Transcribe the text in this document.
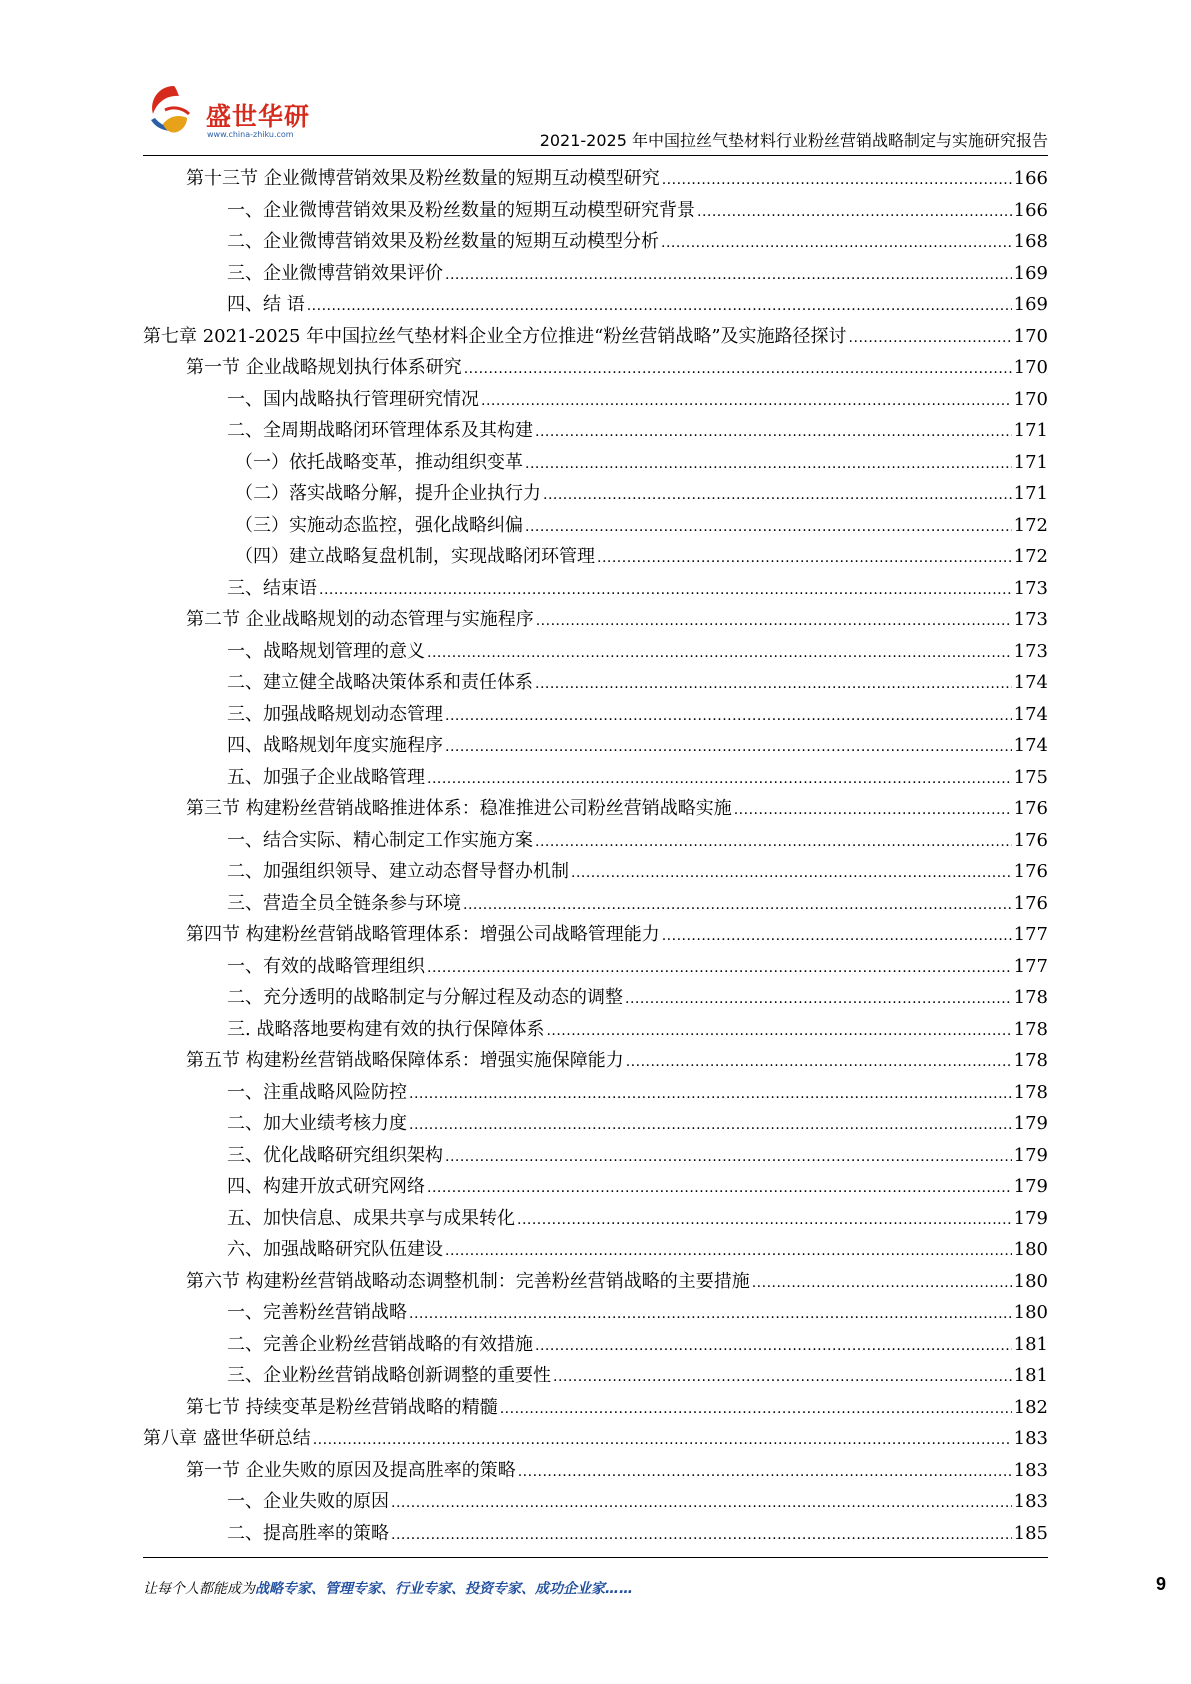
盛世华研
www.china-zhiku.com	2021-2025 年中国拉丝气垫材料行业粉丝营销战略制定与实施研究报告
第十三节 企业微博营销效果及粉丝数量的短期互动模型研究 .....	166
一、企业微博营销效果及粉丝数量的短期互动模型研究背景 .....	166
二、企业微博营销效果及粉丝数量的短期互动模型分析 .....	168
三、企业微博营销效果评价 .....	169
四、结 语 .....	169
第七章 2021-2025 年中国拉丝气垫材料企业全方位推进“粉丝营销战略”及实施路径探讨 .....	170
第一节 企业战略规划执行体系研究 .....	170
一、国内战略执行管理研究情况 .....	170
二、全周期战略闭环管理体系及其构建 .....	171
（一）依托战略变革，推动组织变革 .....	171
（二）落实战略分解，提升企业执行力 .....	171
（三）实施动态监控，强化战略纠偏 .....	172
（四）建立战略复盘机制，实现战略闭环管理 .....	172
三、结束语 .....	173
第二节 企业战略规划的动态管理与实施程序 .....	173
一、战略规划管理的意义 .....	173
二、建立健全战略决策体系和责任体系 .....	174
三、加强战略规划动态管理 .....	174
四、战略规划年度实施程序 .....	174
五、加强子企业战略管理 .....	175
第三节 构建粉丝营销战略推进体系：稳准推进公司粉丝营销战略实施 .....	176
一、结合实际、精心制定工作实施方案 .....	176
二、加强组织领导、建立动态督导督办机制 .....	176
三、营造全员全链条参与环境 .....	176
第四节 构建粉丝营销战略管理体系：增强公司战略管理能力 .....	177
一、有效的战略管理组织 .....	177
二、充分透明的战略制定与分解过程及动态的调整 .....	178
三. 战略落地要构建有效的执行保障体系 .....	178
第五节 构建粉丝营销战略保障体系：增强实施保障能力 .....	178
一、注重战略风险防控 .....	178
二、加大业绩考核力度 .....	179
三、优化战略研究组织架构 .....	179
四、构建开放式研究网络 .....	179
五、加快信息、成果共享与成果转化 .....	179
六、加强战略研究队伍建设 .....	180
第六节 构建粉丝营销战略动态调整机制：完善粉丝营销战略的主要措施 .....	180
一、完善粉丝营销战略 .....	180
二、完善企业粉丝营销战略的有效措施 .....	181
三、企业粉丝营销战略创新调整的重要性 .....	181
第七节 持续变革是粉丝营销战略的精髓 .....	182
第八章 盛世华研总结 .....	183
第一节 企业失败的原因及提高胜率的策略 .....	183
一、企业失败的原因 .....	183
二、提高胜率的策略 .....	185
让每个人都能成为战略专家、管理专家、行业专家、投资专家、成功企业家……	9
